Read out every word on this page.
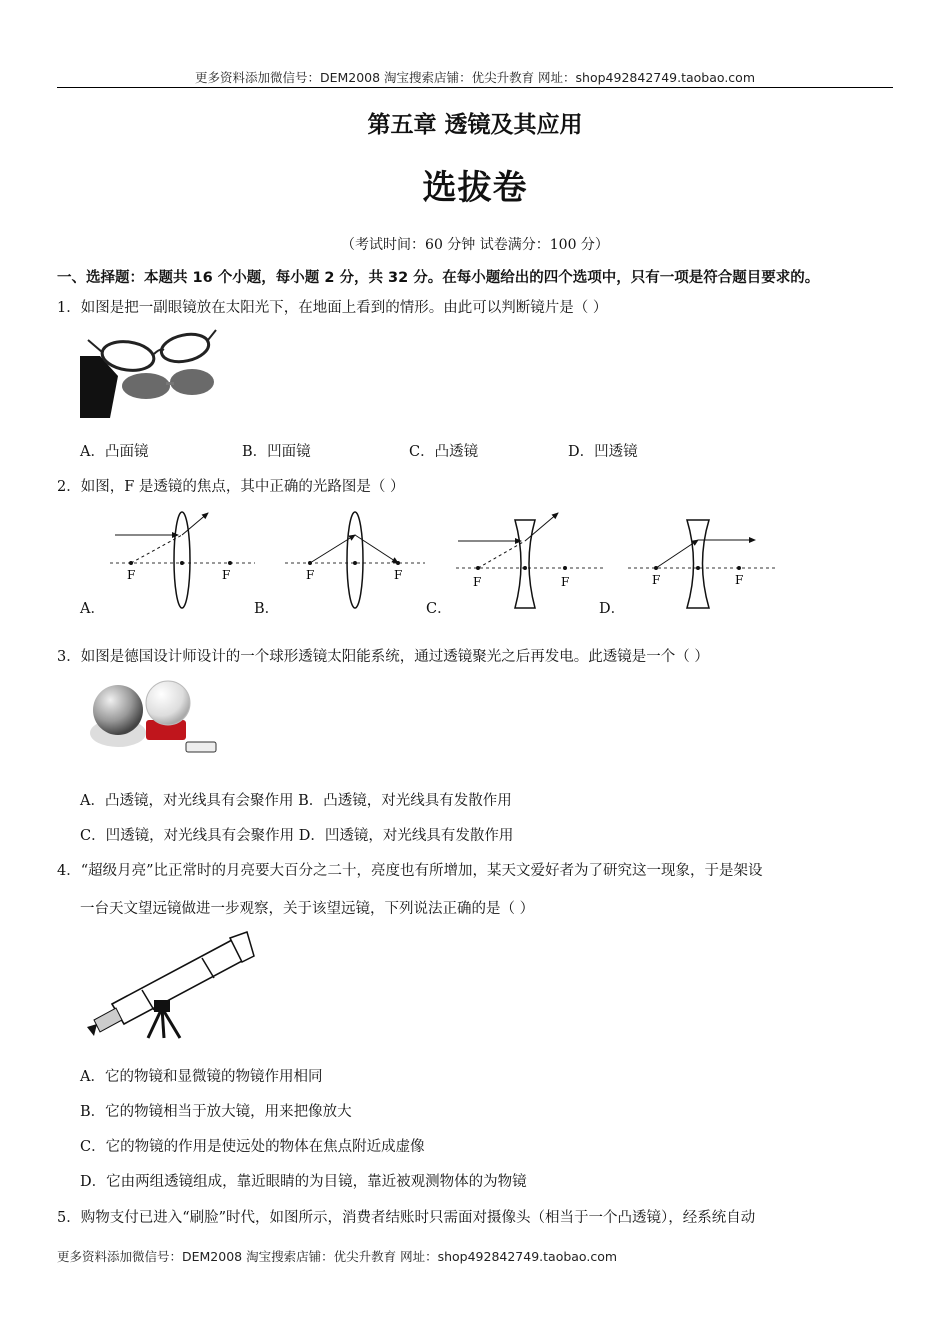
更多资料添加微信号：DEM2008 淘宝搜索店铺：优尖升教育 网址：shop492842749.taobao.com
第五章 透镜及其应用
选拔卷
（考试时间：60 分钟 试卷满分：100 分）
一、选择题：本题共 16 个小题，每小题 2 分，共 32 分。在每小题给出的四个选项中，只有一项是符合题目要求的。
1．如图是把一副眼镜放在太阳光下，在地面上看到的情形。由此可以判断镜片是（ ）
A．凸面镜	B．凹面镜	C．凸透镜	D．凹透镜
2．如图，F 是透镜的焦点，其中正确的光路图是（ ）
F	F
A．
F	F
B．
F	F
C．
F	F
D．
3．如图是德国设计师设计的一个球形透镜太阳能系统，通过透镜聚光之后再发电。此透镜是一个（ ）
A．凸透镜，对光线具有会聚作用 B．凸透镜，对光线具有发散作用
C．凹透镜，对光线具有会聚作用 D．凹透镜，对光线具有发散作用
4．“超级月亮”比正常时的月亮要大百分之二十，亮度也有所增加，某天文爱好者为了研究这一现象，于是架设
一台天文望远镜做进一步观察，关于该望远镜，下列说法正确的是（ ）
A．它的物镜和显微镜的物镜作用相同
B．它的物镜相当于放大镜，用来把像放大
C．它的物镜的作用是使远处的物体在焦点附近成虚像
D．它由两组透镜组成，靠近眼睛的为目镜，靠近被观测物体的为物镜
5．购物支付已进入“刷脸”时代，如图所示，消费者结账时只需面对摄像头（相当于一个凸透镜），经系统自动
更多资料添加微信号：DEM2008 淘宝搜索店铺：优尖升教育 网址：shop492842749.taobao.com
